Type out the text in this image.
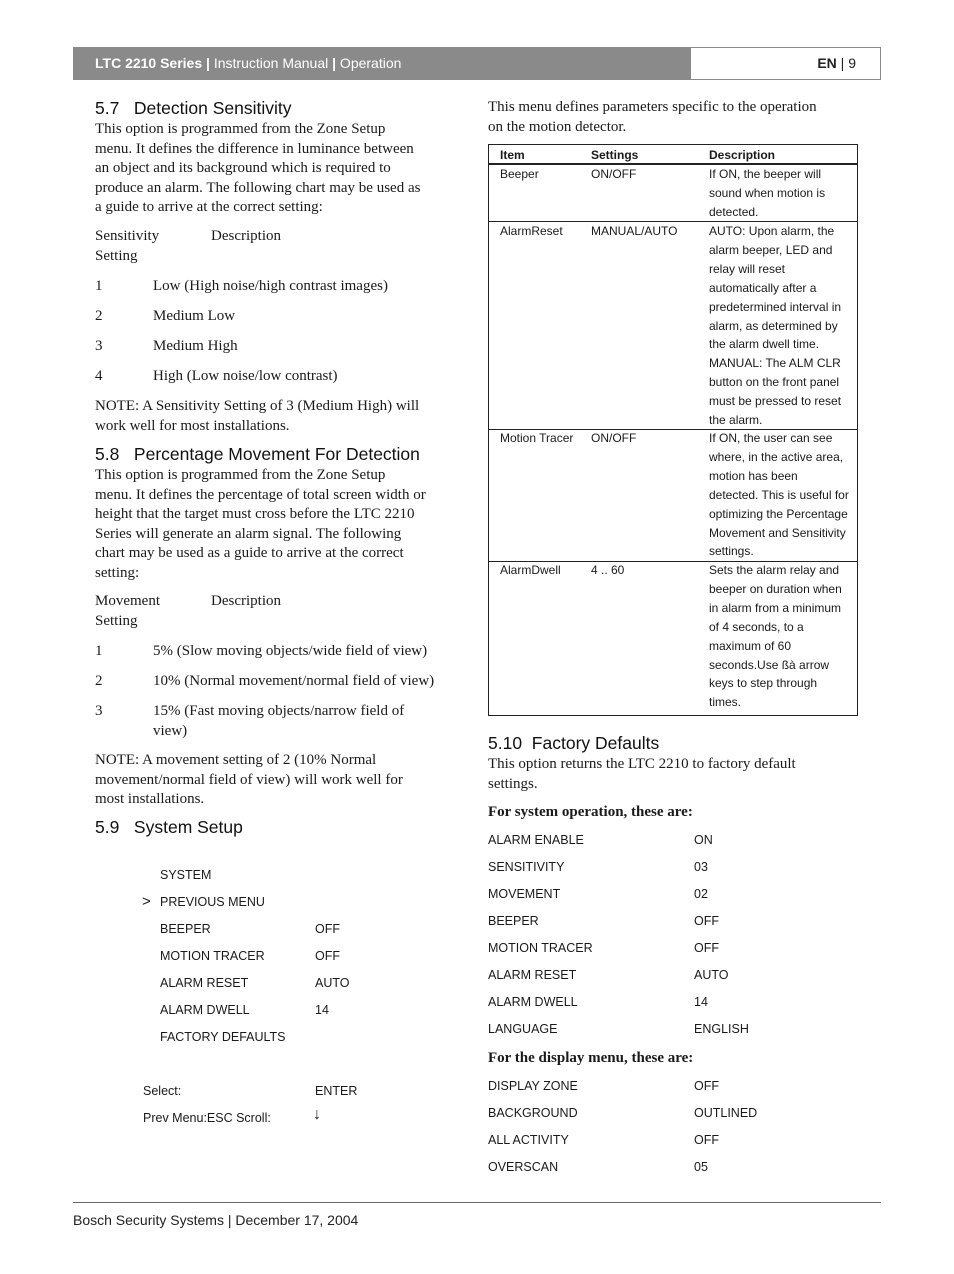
LTC 2210 Series | Instruction Manual | Operation	EN | 9
5.7 Detection Sensitivity
This option is programmed from the Zone Setup
menu. It defines the difference in luminance between
an object and its background which is required to
produce an alarm. The following chart may be used as
a guide to arrive at the correct setting:
Sensitivity
Setting
Description
1	Low (High noise/high contrast images)
2	Medium Low
3	Medium High
4	High (Low noise/low contrast)
NOTE: A Sensitivity Setting of 3 (Medium High) will
work well for most installations.
5.8 Percentage Movement For Detection
This option is programmed from the Zone Setup
menu. It defines the percentage of total screen width or
height that the target must cross before the LTC 2210
Series will generate an alarm signal. The following
chart may be used as a guide to arrive at the correct
setting:
Movement
Setting
Description
1	5% (Slow moving objects/wide field of view)
2	10% (Normal movement/normal field of view)
3	15% (Fast moving objects/narrow field of
view)
NOTE: A movement setting of 2 (10% Normal
movement/normal field of view) will work well for
most installations.
5.9 System Setup
SYSTEM
> PREVIOUS MENU
BEEPER	OFF
MOTION TRACER	OFF
ALARM RESET	AUTO
ALARM DWELL	14
FACTORY DEFAULTS
Select:	ENTER
Prev Menu:ESC Scroll:	↓
This menu defines parameters specific to the operation
on the motion detector.
Item	Settings	Description
Beeper	ON/OFF	If ON, the beeper will
sound when motion is
detected.
AlarmReset MANUAL/AUTO	AUTO: Upon alarm, the
alarm beeper, LED and
relay will reset
automatically after a
predetermined interval in
alarm, as determined by
the alarm dwell time.
MANUAL: The ALM CLR
button on the front panel
must be pressed to reset
the alarm.
Motion Tracer ON/OFF	If ON, the user can see
where, in the active area,
motion has been
detected. This is useful for
optimizing the Percentage
Movement and Sensitivity
settings.
AlarmDwell	4 .. 60	Sets the alarm relay and
beeper on duration when
in alarm from a minimum
of 4 seconds, to a
maximum of 60
seconds.Use ßà arrow
keys to step through
times.
5.10 Factory Defaults
This option returns the LTC 2210 to factory default
settings.
For system operation, these are:
ALARM ENABLE	ON
SENSITIVITY	03
MOVEMENT	02
BEEPER	OFF
MOTION TRACER	OFF
ALARM RESET	AUTO
ALARM DWELL	14
LANGUAGE	ENGLISH
For the display menu, these are:
DISPLAY ZONE	OFF
BACKGROUND	OUTLINED
ALL ACTIVITY	OFF
OVERSCAN	05
Bosch Security Systems | December 17, 2004
